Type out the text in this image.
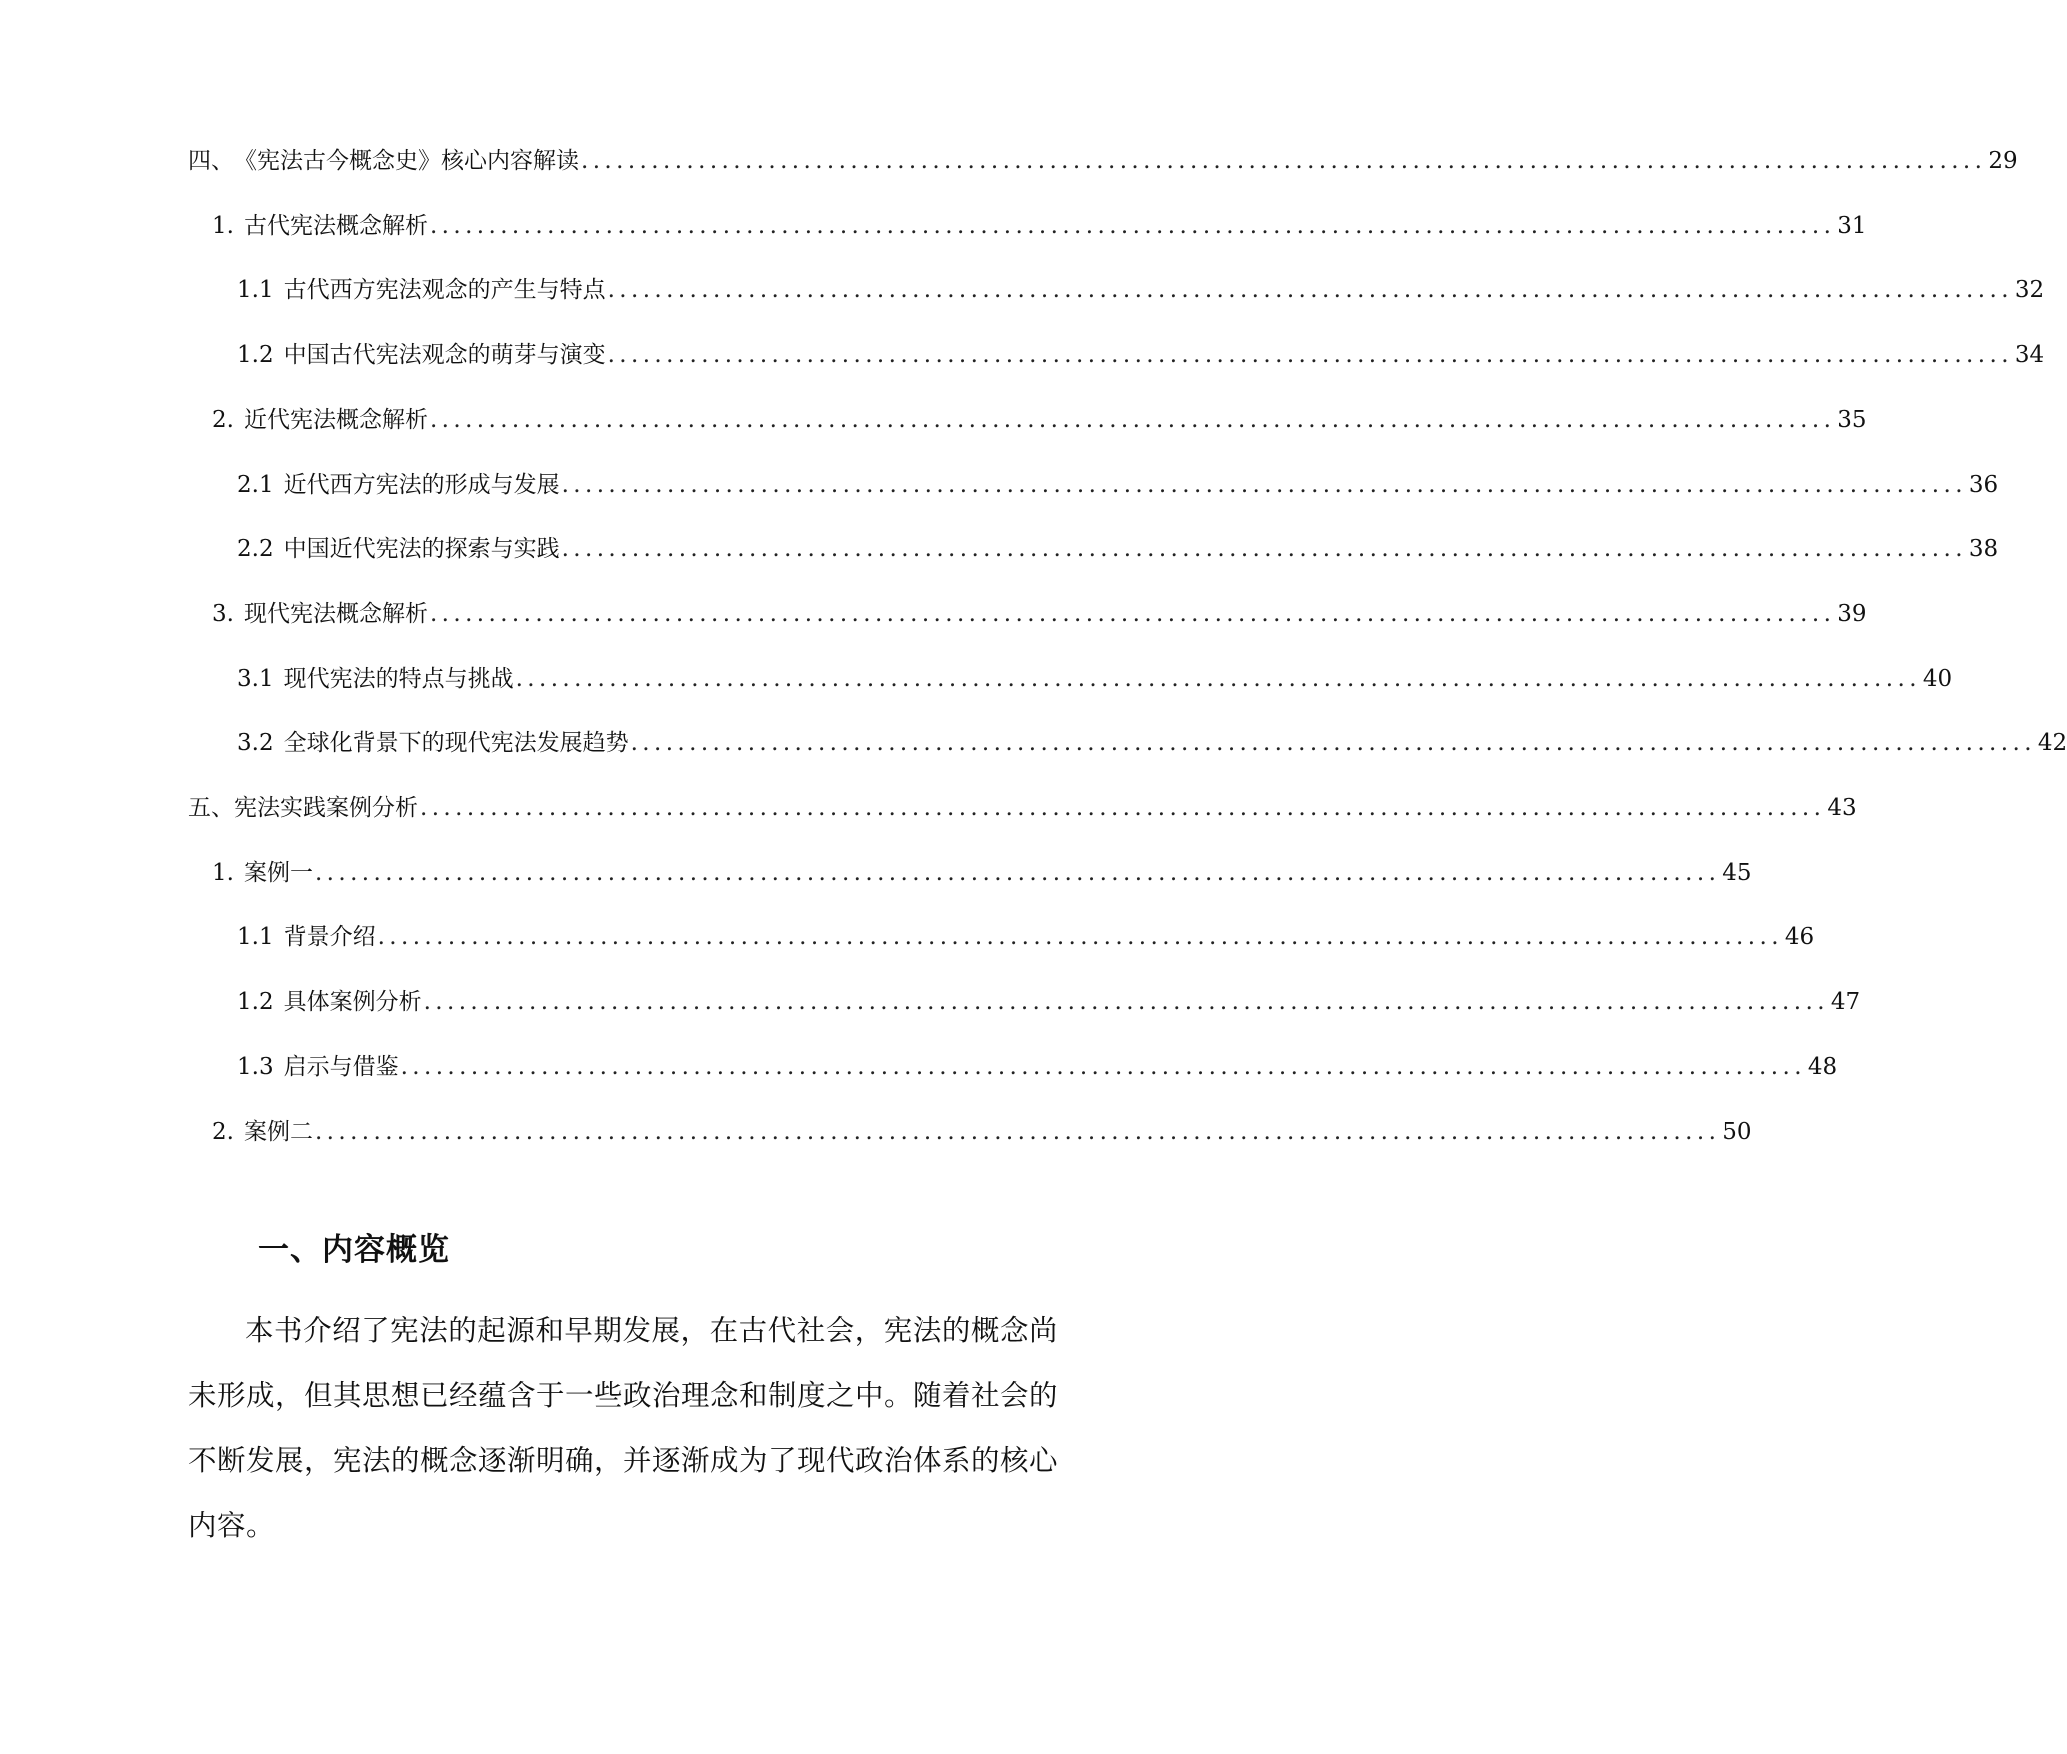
四、 《宪法古今概念史》核心内容解读 ........................................................................................................................ 29
1. 古代宪法概念解析 ........................................................................................................................ 31
1.1 古代西方宪法观念的产生与特点 ........................................................................................................................ 32
1.2 中国古代宪法观念的萌芽与演变 ........................................................................................................................ 34
2. 近代宪法概念解析 ........................................................................................................................ 35
2.1 近代西方宪法的形成与发展 ........................................................................................................................ 36
2.2 中国近代宪法的探索与实践 ........................................................................................................................ 38
3. 现代宪法概念解析 ........................................................................................................................ 39
3.1 现代宪法的特点与挑战 ........................................................................................................................ 40
3.2 全球化背景下的现代宪法发展趋势 ........................................................................................................................ 42
五、 宪法实践案例分析 ........................................................................................................................ 43
1. 案例一 ........................................................................................................................ 45
1.1 背景介绍 ........................................................................................................................ 46
1.2 具体案例分析 ........................................................................................................................ 47
1.3 启示与借鉴 ........................................................................................................................ 48
2. 案例二 ........................................................................................................................ 50
一、内容概览
本书介绍了宪法的起源和早期发展，在古代社会，宪法的概念尚未形成，但其思想已经蕴含于一些政治理念和制度之中。随着社会的不断发展，宪法的概念逐渐明确，并逐渐成为了现代政治体系的核心内容。
